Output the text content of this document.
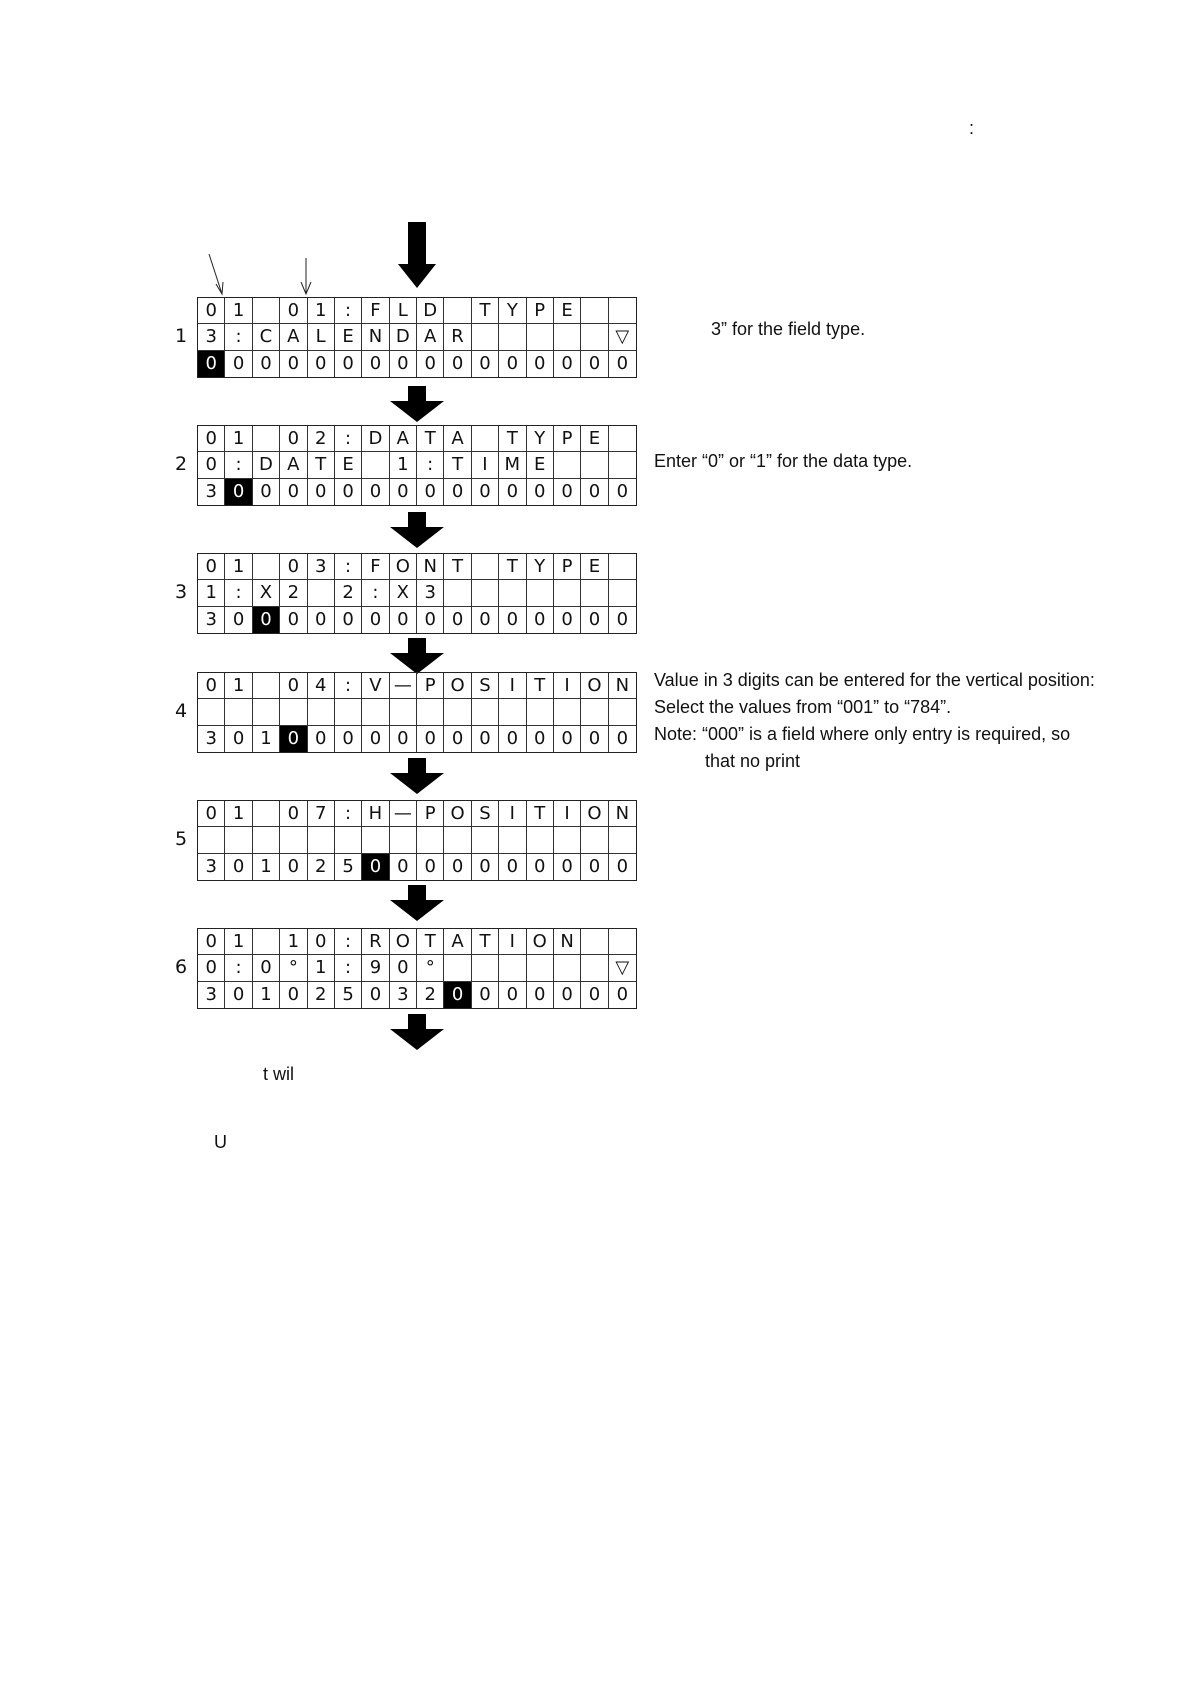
:
1
0 1	0 1	:	F L D	T Y P E
3	:	C A L E N D A R	▽
0 0 0 0 0 0 0 0 0 0 0 0 0 0 0 0
3” for the field type.
2
0 1	0 2	: D A T A	T Y P E
0	: D A T E	1	:	T	I M E
3 0 0 0 0 0 0 0 0 0 0 0 0 0 0 0
Enter “0” or “1” for the data type.
3
0 1	0 3	:	F O N T	T Y P E
1	:	X 2	2	:	X 3
3 0 0 0 0 0 0 0 0 0 0 0 0 0 0 0
4
0 1	0 4	:	V — P O S	I	T	I O N
3 0 1 0 0 0 0 0 0 0 0 0 0 0 0 0
Value in 3 digits can be entered for the vertical position:
Select the values from “001” to “784”.
Note: “000” is a field where only entry is required, so
that no print
5
0 1	0 7	: H — P O S	I	T	I O N
3 0 1 0 2 5 0 0 0 0 0 0 0 0 0 0
6
0 1	1 0	:	R O T A T	I O N
0	:	0 ° 1	:	9 0 °	▽
3 0 1 0 2 5 0 3 2 0 0 0 0 0 0 0
t wil
U
